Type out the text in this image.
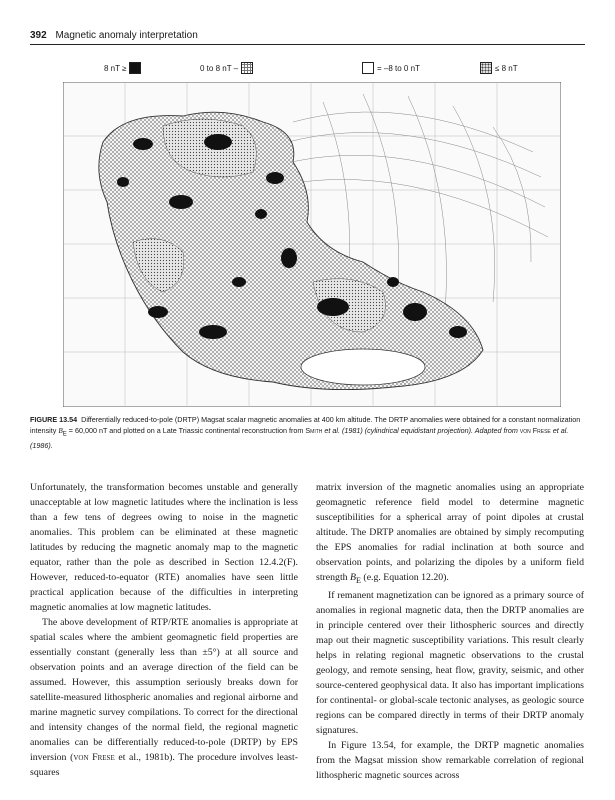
392 Magnetic anomaly interpretation
8 nT ≥	0 to 8 nT –	= –8 to 0 nT	≤ 8 nT
FIGURE 13.54 Differentially reduced-to-pole (DRTP) Magsat scalar magnetic anomalies at 400 km altitude. The DRTP anomalies were obtained for a constant normalization intensity $B_E = 60,000$ nT and plotted on a Late Triassic continental reconstruction from Smith et al. (1981) (cylindrical equidistant projection). Adapted from von Frese et al. (1986).

Unfortunately, the transformation becomes unstable and generally unacceptable at low magnetic latitudes where the inclination is less than a few tens of degrees owing to noise in the magnetic anomalies. This problem can be eliminated at these magnetic latitudes by reducing the magnetic anomaly map to the magnetic equator, rather than the pole as described in Section 12.4.2(F). However, reduced-to-equator (RTE) anomalies have seen little practical application because of the difficulties in interpreting magnetic anomalies at low magnetic latitudes.

The above development of RTP/RTE anomalies is appropriate at spatial scales where the ambient geomagnetic field properties are essentially constant (generally less than ±5°) at all source and observation points and an average direction of the field can be assumed. However, this assumption seriously breaks down for satellite-measured lithospheric anomalies and regional airborne and marine magnetic survey compilations. To correct for the directional and intensity changes of the normal field, the regional magnetic anomalies can be differentially reduced-to-pole (DRTP) by EPS inversion (von Frese et al., 1981b). The procedure involves least-squares

matrix inversion of the magnetic anomalies using an appropriate geomagnetic reference field model to determine magnetic susceptibilities for a spherical array of point dipoles at crustal altitude. The DRTP anomalies are obtained by simply recomputing the EPS anomalies for radial inclination at both source and observation points, and polarizing the dipoles by a uniform field strength $B_E$ (e.g. Equation 12.20).

If remanent magnetization can be ignored as a primary source of anomalies in regional magnetic data, then the DRTP anomalies are in principle centered over their lithospheric sources and directly map out their magnetic susceptibility variations. This result clearly helps in relating regional magnetic observations to the crustal geology, and remote sensing, heat flow, gravity, seismic, and other source-centered geophysical data. It also has important implications for continental- or global-scale tectonic analyses, as geologic source regions can be compared directly in terms of their DRTP anomaly signatures.

In Figure 13.54, for example, the DRTP magnetic anomalies from the Magsat mission show remarkable correlation of regional lithospheric magnetic sources across
